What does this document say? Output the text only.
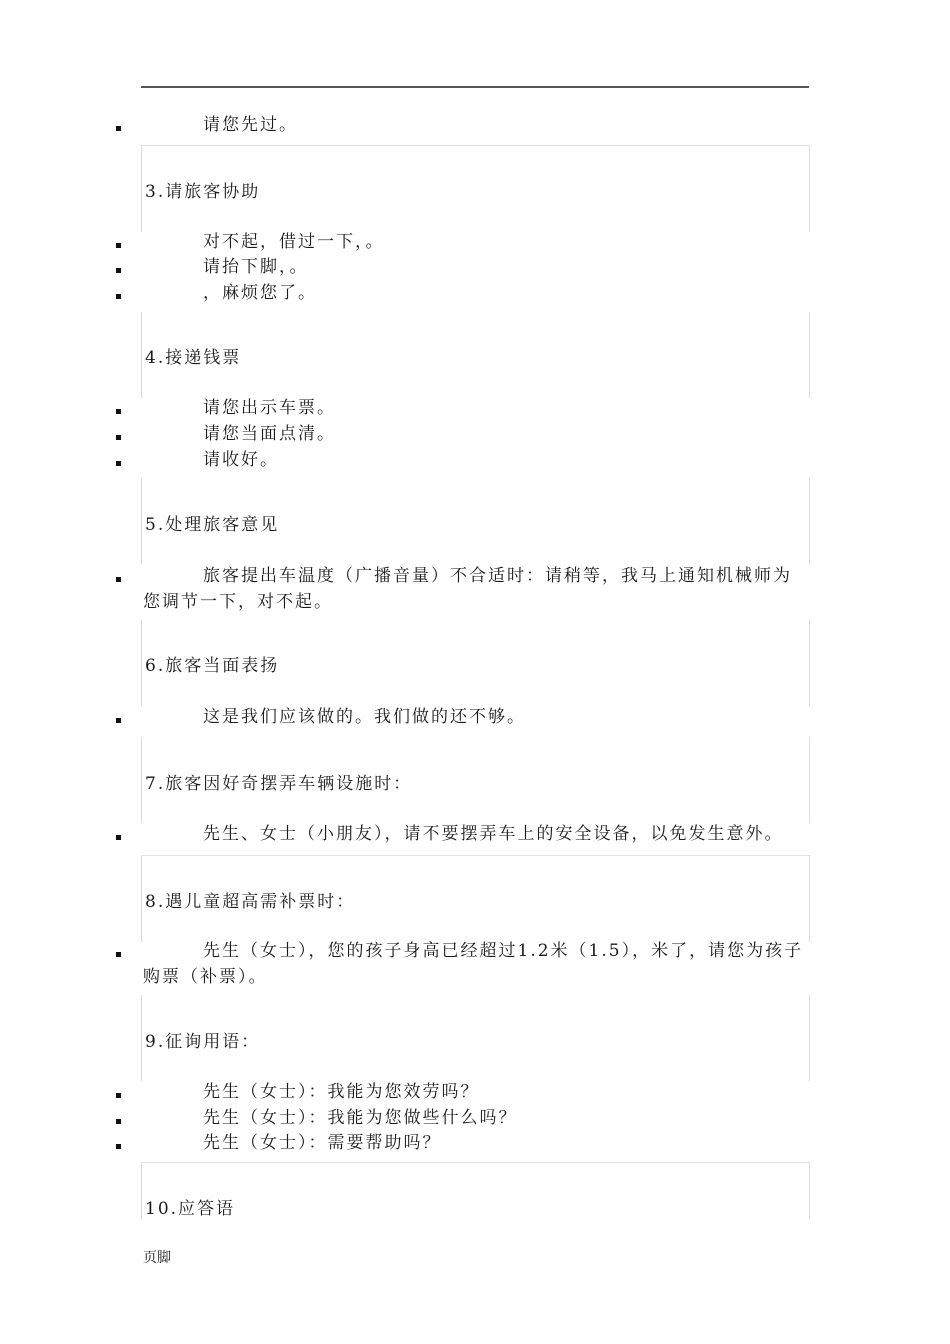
请您先过。
3.请旅客协助
对不起，借过一下，。
请抬下脚，。
，麻烦您了。
4.接递钱票
请您出示车票。
请您当面点清。
请收好。
5.处理旅客意见
旅客提出车温度（广播音量）不合适时：请稍等，我马上通知机械师为您调节一下，对不起。
6.旅客当面表扬
这是我们应该做的。我们做的还不够。
7.旅客因好奇摆弄车辆设施时：
先生、女士（小朋友），请不要摆弄车上的安全设备，以免发生意外。
8.遇儿童超高需补票时：
先生（女士），您的孩子身高已经超过1.2米（1.5），米了，请您为孩子购票（补票）。
9.征询用语：
先生（女士）：我能为您效劳吗？
先生（女士）：我能为您做些什么吗？
先生（女士）：需要帮助吗？
10.应答语
页脚
